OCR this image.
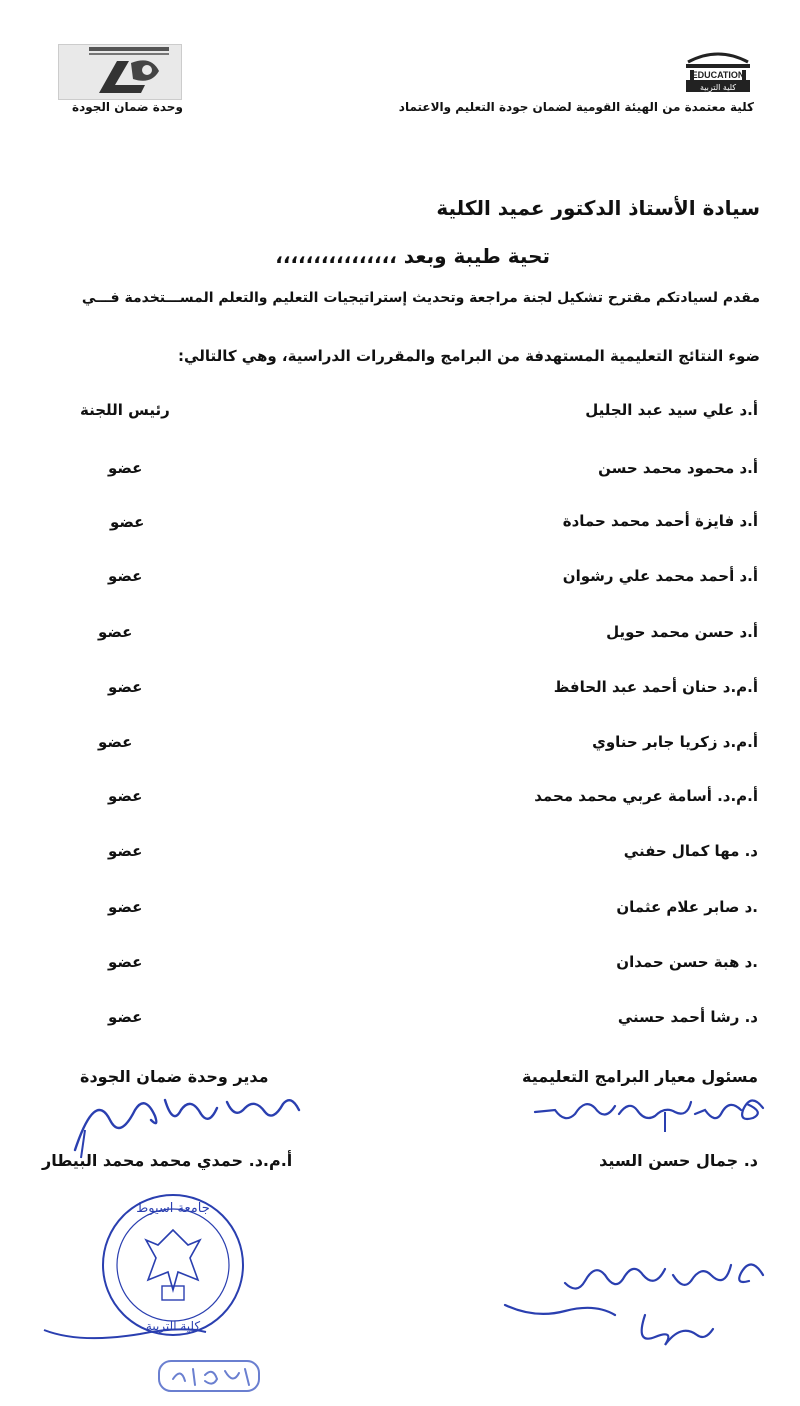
EDUCATION
كلية التربية
كلية معتمدة من الهيئة القومية لضمان جودة التعليم والاعتماد
وحدة ضمان الجودة
سيادة الأستاذ الدكتور عميد الكلية
تحية طيبة وبعد ،،،،،،،،،،،،،،،،
مقدم لسيادتكم مقترح تشكيل لجنة مراجعة وتحديث إستراتيجيات التعليم والتعلم المســـتخدمة فـــي
ضوء النتائج التعليمية المستهدفة من البرامج والمقررات الدراسية، وهي كالتالي:
أ.د علي سيد عبد الجليل
رئيس اللجنة
أ.د محمود محمد حسن
عضو
أ.د فايزة أحمد محمد حمادة
عضو
أ.د أحمد محمد علي رشوان
عضو
أ.د حسن محمد حويل
عضو
أ.م.د حنان أحمد عبد الحافظ
عضو
أ.م.د زكريا جابر حناوي
عضو
أ.م.د. أسامة عربي محمد محمد
عضو
د. مها كمال حفني
عضو
.د صابر علام عثمان
عضو
.د هبة حسن حمدان
عضو
د. رشا أحمد حسني
عضو
مسئول معيار البرامج التعليمية
مدير وحدة ضمان الجودة
د. جمال حسن السيد
أ.م.د. حمدي محمد محمد البيطار
جامعة اسيوط
كلية التربية
